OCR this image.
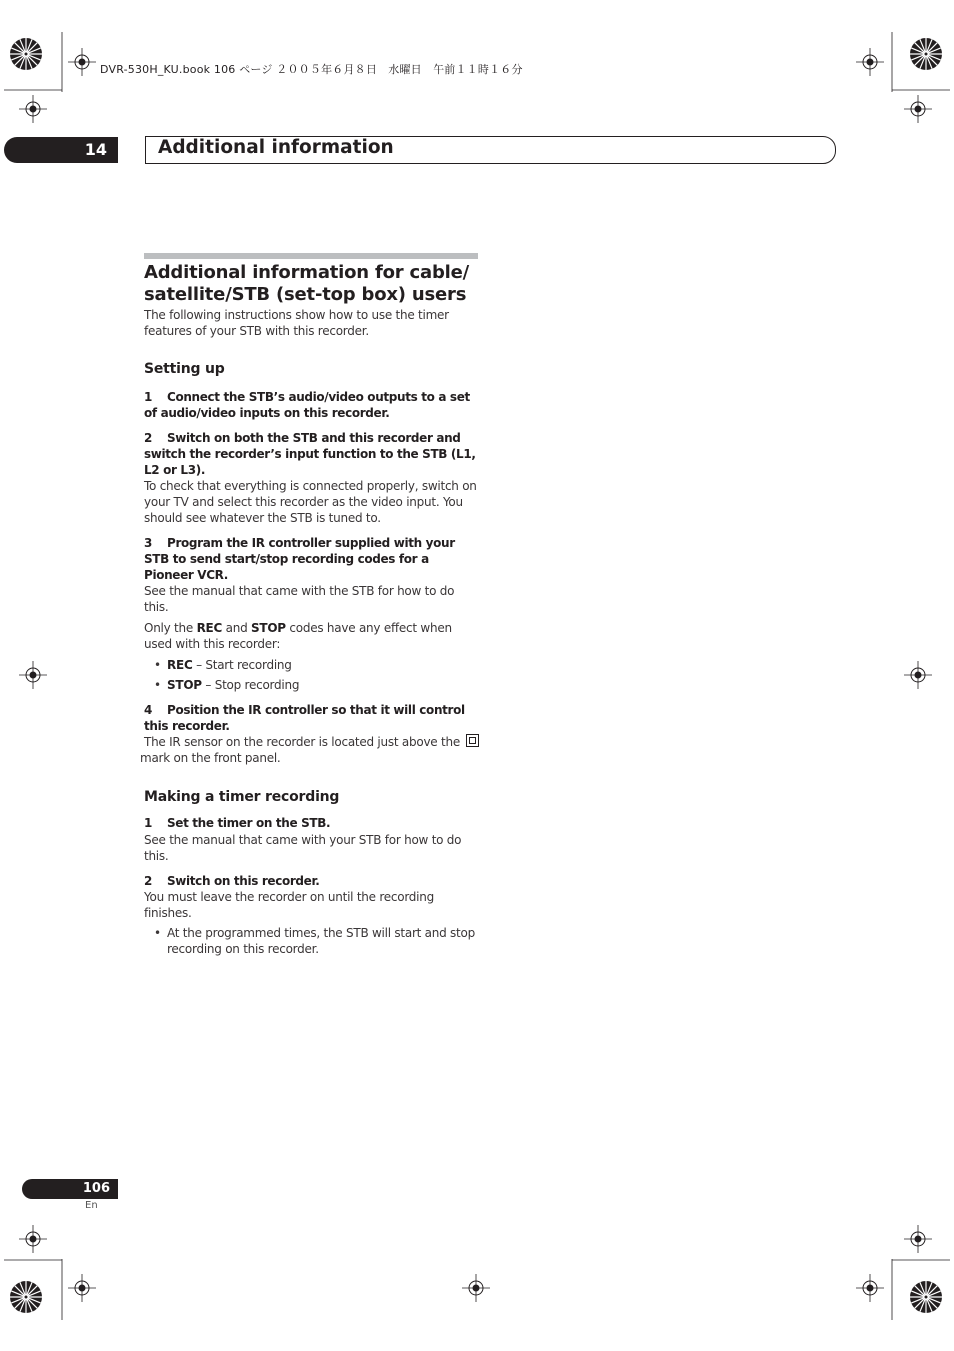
DVR-530H_KU.book 106 ページ ２００５年６月８日　水曜日　午前１１時１６分
14	Additional information
Additional information for cable/
satellite/STB (set-top box) users

The following instructions show how to use the timer features of your STB with this recorder.

Setting up

1 Connect the STB’s audio/video outputs to a set of audio/video inputs on this recorder.

2 Switch on both the STB and this recorder and switch the recorder’s input function to the STB (L1, L2 or L3).

To check that everything is connected properly, switch on your TV and select this recorder as the video input. You should see whatever the STB is tuned to.

3 Program the IR controller supplied with your STB to send start/stop recording codes for a Pioneer VCR.

See the manual that came with the STB for how to do this.

Only the REC and STOP codes have any effect when used with this recorder:

• REC – Start recording

• STOP – Stop recording

4 Position the IR controller so that it will control this recorder.

The IR sensor on the recorder is located just above the
mark on the front panel.

Making a timer recording

1 Set the timer on the STB.

See the manual that came with your STB for how to do this.

2 Switch on this recorder.

You must leave the recorder on until the recording finishes.

• At the programmed times, the STB will start and stop recording on this recorder.

106
En
